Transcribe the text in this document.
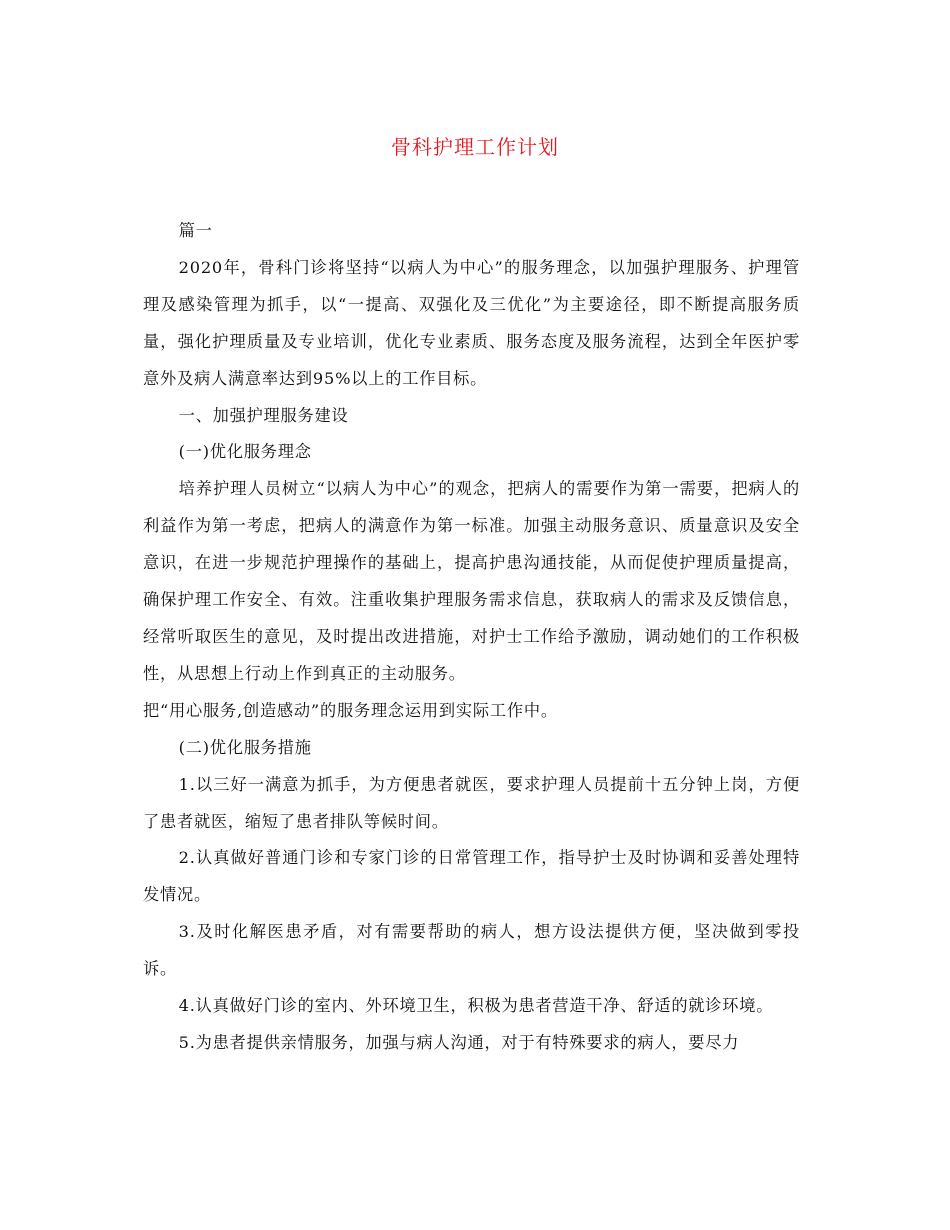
骨科护理工作计划

篇一

2020年，骨科门诊将坚持“以病人为中心”的服务理念，以加强护理服务、护理管理及感染管理为抓手，以“一提高、双强化及三优化”为主要途径，即不断提高服务质量，强化护理质量及专业培训，优化专业素质、服务态度及服务流程，达到全年医护零意外及病人满意率达到95%以上的工作目标。

一、加强护理服务建设

(一)优化服务理念

培养护理人员树立“以病人为中心”的观念，把病人的需要作为第一需要，把病人的利益作为第一考虑，把病人的满意作为第一标准。加强主动服务意识、质量意识及安全意识，在进一步规范护理操作的基础上，提高护患沟通技能，从而促使护理质量提高，确保护理工作安全、有效。注重收集护理服务需求信息，获取病人的需求及反馈信息，经常听取医生的意见，及时提出改进措施，对护士工作给予激励，调动她们的工作积极性，从思想上行动上作到真正的主动服务。

把“用心服务,创造感动”的服务理念运用到实际工作中。

(二)优化服务措施

1.以三好一满意为抓手，为方便患者就医，要求护理人员提前十五分钟上岗，方便了患者就医，缩短了患者排队等候时间。

2.认真做好普通门诊和专家门诊的日常管理工作，指导护士及时协调和妥善处理特发情况。

3.及时化解医患矛盾，对有需要帮助的病人，想方设法提供方便，坚决做到零投诉。

4.认真做好门诊的室内、外环境卫生，积极为患者营造干净、舒适的就诊环境。

5.为患者提供亲情服务，加强与病人沟通，对于有特殊要求的病人，要尽力
